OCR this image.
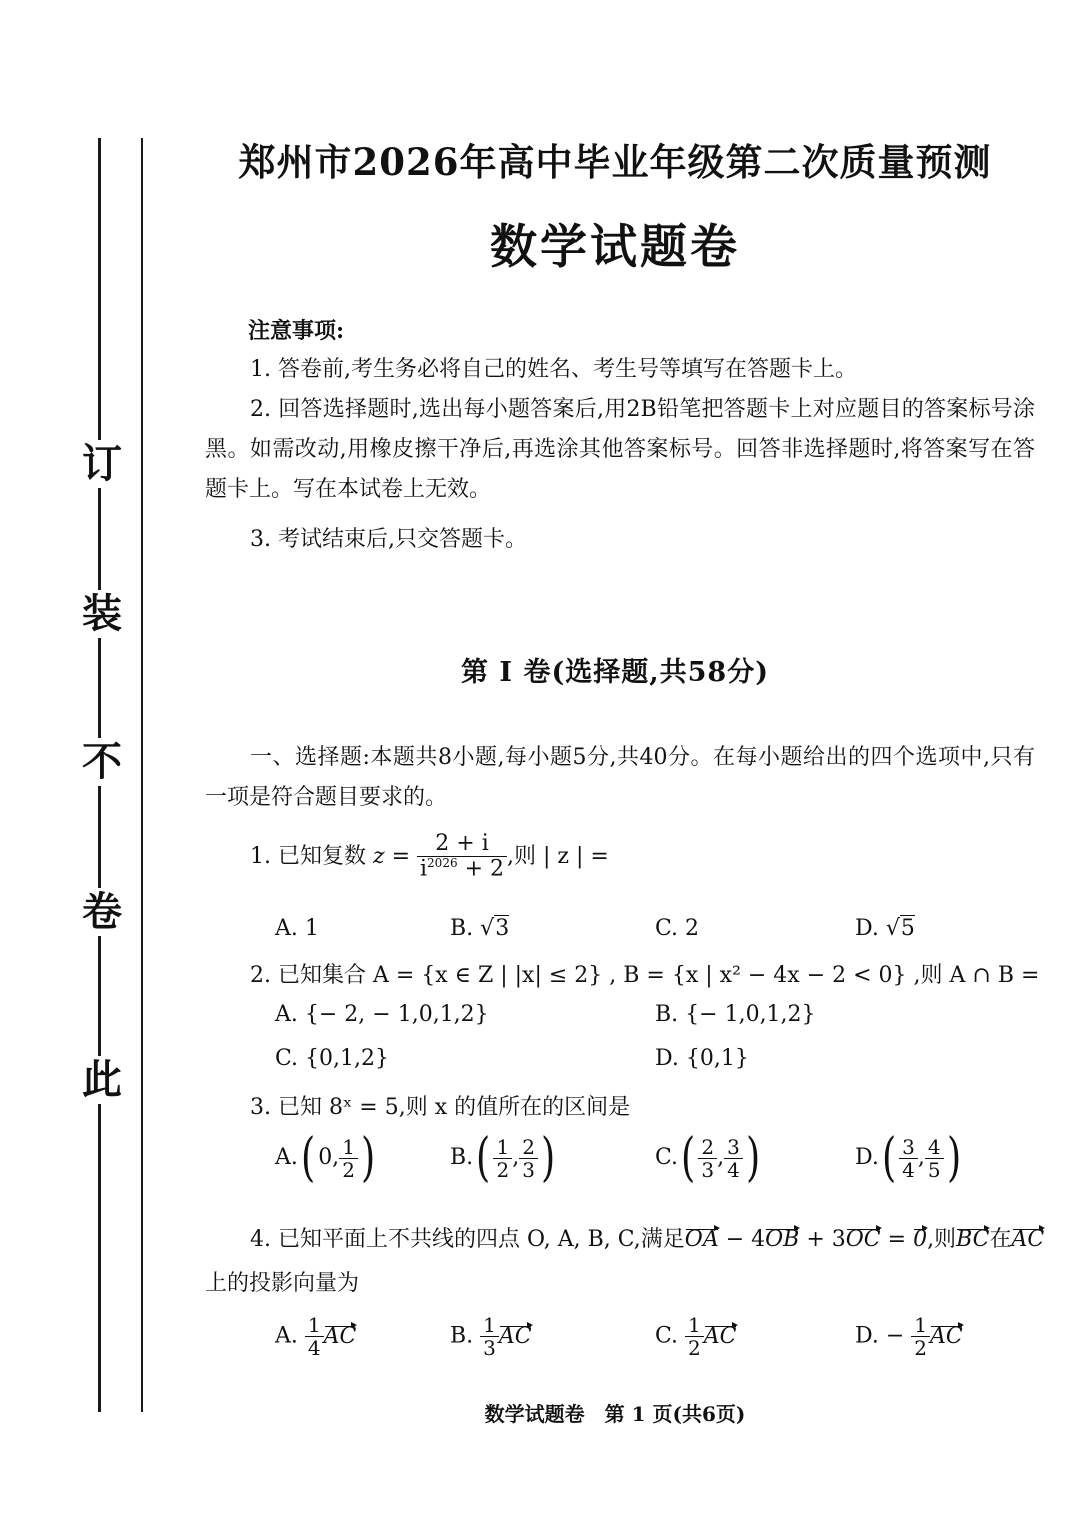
此
卷
不
装
订
郑州市2026年高中毕业年级第二次质量预测
数学试题卷
注意事项:
1. 答卷前,考生务必将自己的姓名、考生号等填写在答题卡上。
2. 回答选择题时,选出每小题答案后,用2B铅笔把答题卡上对应题目的答案标号涂黑。如需改动,用橡皮擦干净后,再选涂其他答案标号。回答非选择题时,将答案写在答题卡上。写在本试卷上无效。
3. 考试结束后,只交答题卡。
第 Ⅰ 卷(选择题,共58分)
一、选择题:本题共8小题,每小题5分,共40分。在每小题给出的四个选项中,只有一项是符合题目要求的。
1. 已知复数 $z = \frac{2 + i}{i^{2026} + 2}$ ,则 | z | =
A. 1	B. √3	C. 2	D. √5
2. 已知集合 A = {x ∈ Z | |x| ≤ 2} , B = {x | x² − 4x − 2 < 0} ,则 A ∩ B =
A. {− 2, − 1,0,1,2}	B. {− 1,0,1,2}
C. {0,1,2}	D. {0,1}
3. 已知 8ˣ = 5,则 x 的值所在的区间是
A.( 0, $\frac{1}{2}$ )	$B.( \frac{1}{2}$ , $\frac{2}{3}$ )	$C.( \frac{2}{3}$ , $\frac{3}{4}$ )	$D.( \frac{3}{4}$ , $\frac{4}{5}$ )
4. 已知平面上不共线的四点 O, A, B, C,满足OA − 4OB + 3OC = 0,则BC在AC
上的投影向量为
A. $\frac{1}{4}$ AC	B. $\frac{1}{3}$ AC	C. $\frac{1}{2}$ AC	D. − $\frac{1}{2}$ AC
数学试题卷　第 1 页(共6页)
